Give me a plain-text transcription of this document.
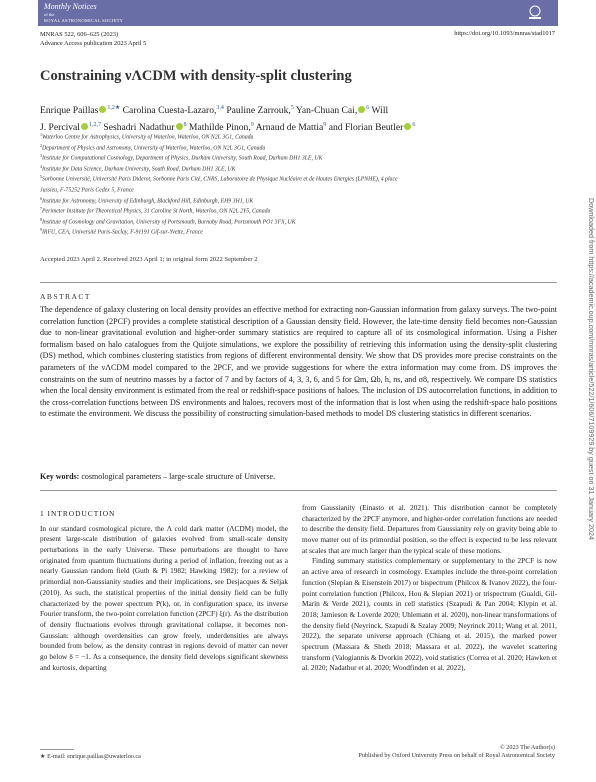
Monthly Notices
of the
ROYAL ASTRONOMICAL SOCIETY
MNRAS 522, 606–625 (2023)
Advance Access publication 2023 April 5
https://doi.org/10.1093/mnras/stad1017
Constraining νΛCDM with density-split clustering
Enrique Paillas $^{1,2★}$ Carolina Cuesta-Lazaro,$^{3,4}$ Pauline Zarrouk,$^5$ Yan-Chuan Cai, $^6$ Will
J. Percival $^{1,2,7}$ Seshadri Nadathur $^8$ Mathilde Pinon,$^9$ Arnaud de Mattia$^9$ and Florian Beutler $^6$
$^1$Waterloo Centre for Astrophysics, University of Waterloo, Waterloo, ON N2L 3G1, Canada
$^2$Department of Physics and Astronomy, University of Waterloo, Waterloo, ON N2L 3G1, Canada
$^3$Institute for Computational Cosmology, Department of Physics, Durham University, South Road, Durham DH1 3LE, UK
$^4$Institute for Data Science, Durham University, South Road, Durham DH1 3LE, UK
$^5$Sorbonne Université, Université Paris Diderot, Sorbonne Paris Cité, CNRS, Laboratoire de Physique Nucléaire et de Hautes Energies (LPNHE), 4 place
Jussieu, F-75252 Paris Cedex 5, France
$^6$Institute for Astronomy, University of Edinburgh, Blackford Hill, Edinburgh, EH9 3HJ, UK
$^7$Perimeter Institute for Theoretical Physics, 31 Caroline St North, Waterloo, ON N2L 2Y5, Canada
$^8$Institute of Cosmology and Gravitation, University of Portsmouth, Burnaby Road, Portsmouth PO1 3FX, UK
$^9$IRFU, CEA, Université Paris-Saclay, F-91191 Gif-sur-Yvette, France
Accepted 2023 April 2. Received 2023 April 1; in original form 2022 September 2
ABSTRACT
The dependence of galaxy clustering on local density provides an effective method for extracting non-Gaussian information from galaxy surveys. The two-point correlation function (2PCF) provides a complete statistical description of a Gaussian density field. However, the late-time density field becomes non-Gaussian due to non-linear gravitational evolution and higher-order summary statistics are required to capture all of its cosmological information. Using a Fisher formalism based on halo catalogues from the Quijote simulations, we explore the possibility of retrieving this information using the density-split clustering (DS) method, which combines clustering statistics from regions of different environmental density. We show that DS provides more precise constraints on the parameters of the νΛCDM model compared to the 2PCF, and we provide suggestions for where the extra information may come from. DS improves the constraints on the sum of neutrino masses by a factor of 7 and by factors of 4, 3, 3, 6, and 5 for Ωm, Ωb, h, ns, and σ8, respectively. We compare DS statistics when the local density environment is estimated from the real or redshift-space positions of haloes. The inclusion of DS autocorrelation functions, in addition to the cross-correlation functions between DS environments and haloes, recovers most of the information that is lost when using the redshift-space halo positions to estimate the environment. We discuss the possibility of constructing simulation-based methods to model DS clustering statistics in different scenarios.
Key words: cosmological parameters – large-scale structure of Universe.
1 INTRODUCTION
In our standard cosmological picture, the Λ cold dark matter (ΛCDM) model, the present large-scale distribution of galaxies evolved from small-scale density perturbations in the early Universe. These perturbations are thought to have originated from quantum fluctuations during a period of inflation, freezing out as a nearly Gaussian random field (Guth & Pi 1982; Hawking 1982); for a review of primordial non-Gaussianity studies and their implications, see Desjacques & Seljak (2010). As such, the statistical properties of the initial density field can be fully characterized by the power spectrum P(k), or, in configuration space, its inverse Fourier transform, the two-point correlation function (2PCF) ξ(r). As the distribution of density fluctuations evolves through gravitational collapse, it becomes non-Gaussian: although overdensities can grow freely, underdensities are always bounded from below, as the density contrast in regions devoid of matter can never go below δ = −1. As a consequence, the density field develops significant skewness and kurtosis, departing
from Gaussianity (Einasto et al. 2021). This distribution cannot be completely characterized by the 2PCF anymore, and higher-order correlation functions are needed to describe the density field. Departures from Gaussianity rely on gravity being able to move matter out of its primordial position, so the effect is expected to be less relevant at scales that are much larger than the typical scale of these motions.
Finding summary statistics complementary or supplementary to the 2PCF is now an active area of research in cosmology. Examples include the three-point correlation function (Slepian & Eisenstein 2017) or bispectrum (Philcox & Ivanov 2022), the four-point correlation function (Philcox, Hou & Slepian 2021) or trispectrum (Gualdi, Gil-Marín & Verde 2021), counts in cell statistics (Szapudi & Pan 2004; Klypin et al. 2018; Jamieson & Loverde 2020; Uhlemann et al. 2020), non-linear transformations of the density field (Neyrinck, Szapudi & Szalay 2009; Neyrinck 2011; Wang et al. 2011, 2022), the separate universe approach (Chiang et al. 2015), the marked power spectrum (Massara & Sheth 2018; Massara et al. 2022), the wavelet scattering transform (Valogiannis & Dvorkin 2022), void statistics (Correa et al. 2020; Hawken et al. 2020; Nadathur et al. 2020; Woodfinden et al. 2022),
★ E-mail: enrique.paillas@uwaterloo.ca
© 2023 The Author(s)
Published by Oxford University Press on behalf of Royal Astronomical Society
Downloaded from https://academic.oup.com/mnras/article/522/1/606/7109929 by guest on 31 January 2024
